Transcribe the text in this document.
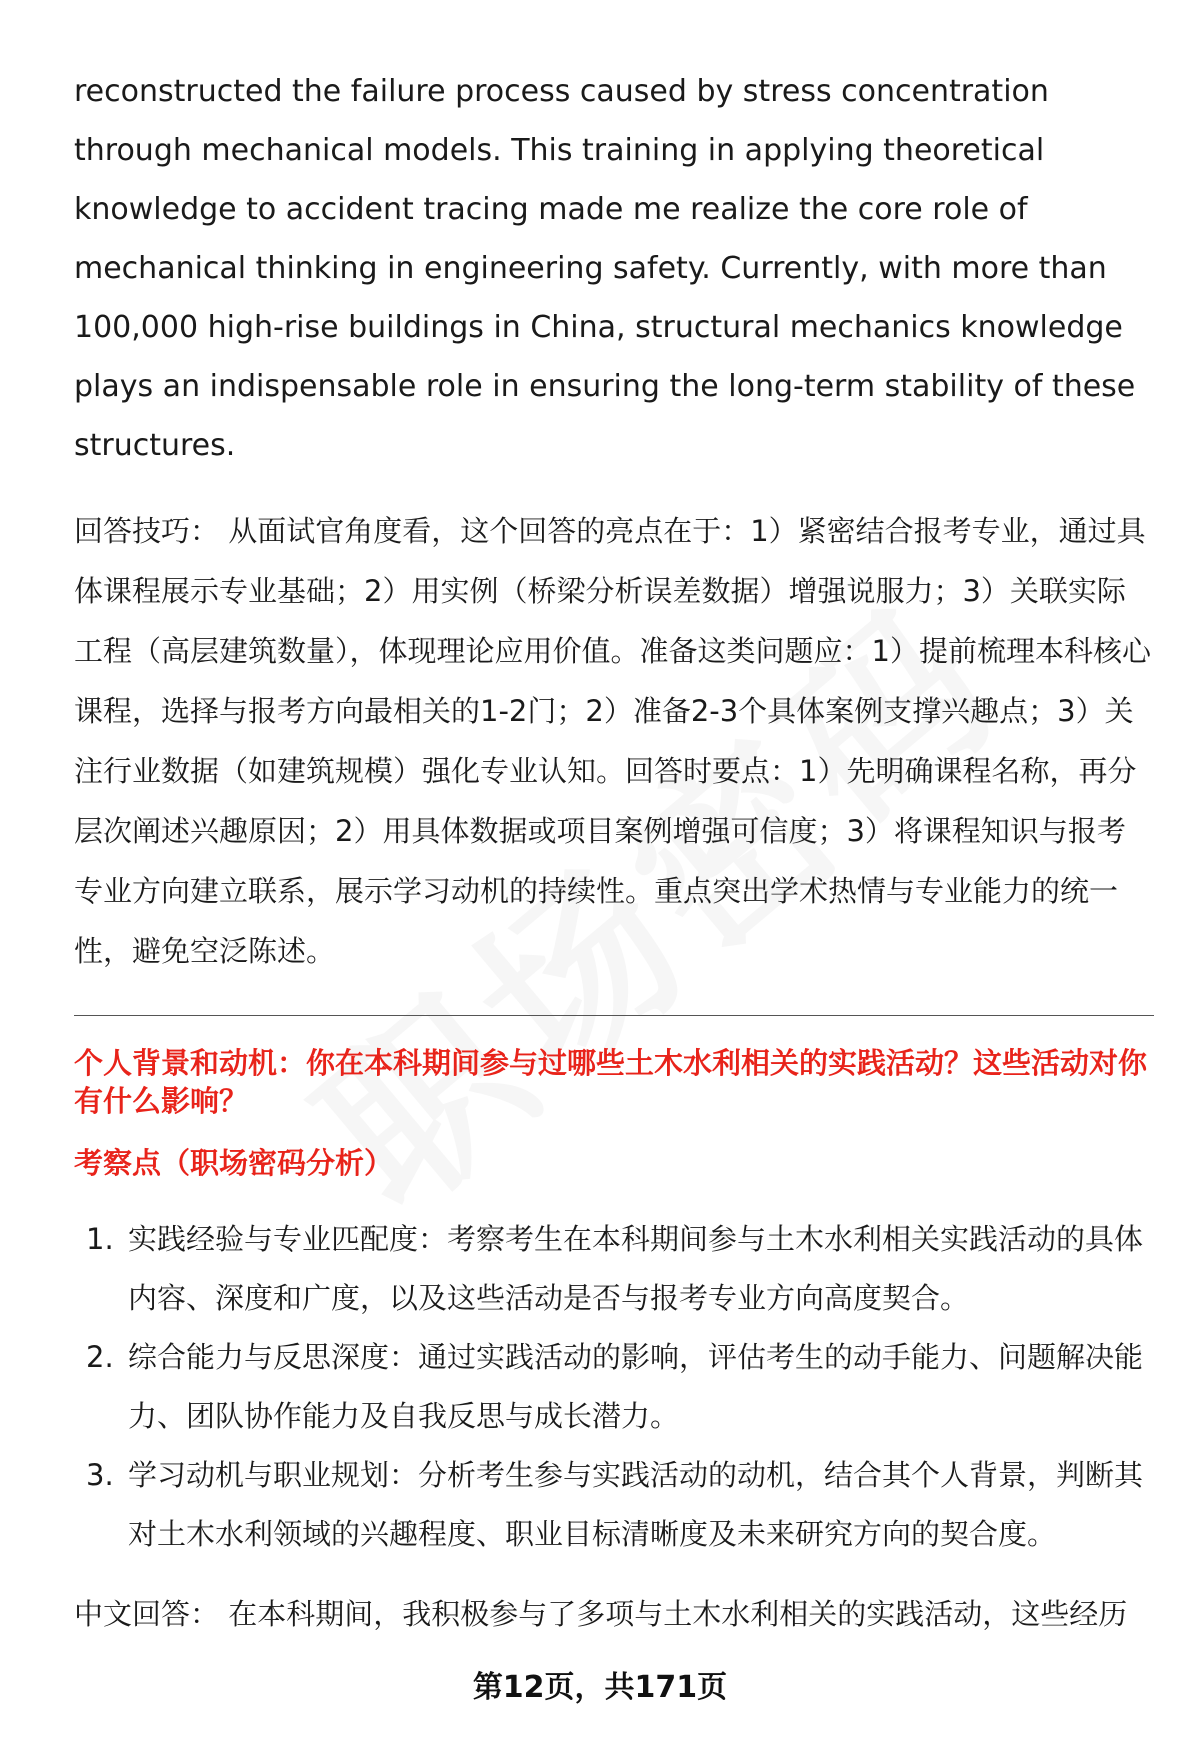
reconstructed the failure process caused by stress concentration through mechanical models. This training in applying theoretical knowledge to accident tracing made me realize the core role of mechanical thinking in engineering safety. Currently, with more than 100,000 high-rise buildings in China, structural mechanics knowledge plays an indispensable role in ensuring the long-term stability of these structures.

回答技巧： 从面试官角度看，这个回答的亮点在于：1）紧密结合报考专业，通过具体课程展示专业基础；2）用实例（桥梁分析误差数据）增强说服力；3）关联实际工程（高层建筑数量），体现理论应用价值。准备这类问题应：1）提前梳理本科核心课程，选择与报考方向最相关的1-2门；2）准备2-3个具体案例支撑兴趣点；3）关注行业数据（如建筑规模）强化专业认知。回答时要点：1）先明确课程名称，再分层次阐述兴趣原因；2）用具体数据或项目案例增强可信度；3）将课程知识与报考专业方向建立联系，展示学习动机的持续性。重点突出学术热情与专业能力的统一性，避免空泛陈述。

个人背景和动机：你在本科期间参与过哪些土木水利相关的实践活动？这些活动对你有什么影响？
考察点（职场密码分析）
1. 实践经验与专业匹配度：考察考生在本科期间参与土木水利相关实践活动的具体内容、深度和广度，以及这些活动是否与报考专业方向高度契合。
2. 综合能力与反思深度：通过实践活动的影响，评估考生的动手能力、问题解决能力、团队协作能力及自我反思与成长潜力。
3. 学习动机与职业规划：分析考生参与实践活动的动机，结合其个人背景，判断其对土木水利领域的兴趣程度、职业目标清晰度及未来研究方向的契合度。

中文回答： 在本科期间，我积极参与了多项与土木水利相关的实践活动，这些经历

第12页，共171页
